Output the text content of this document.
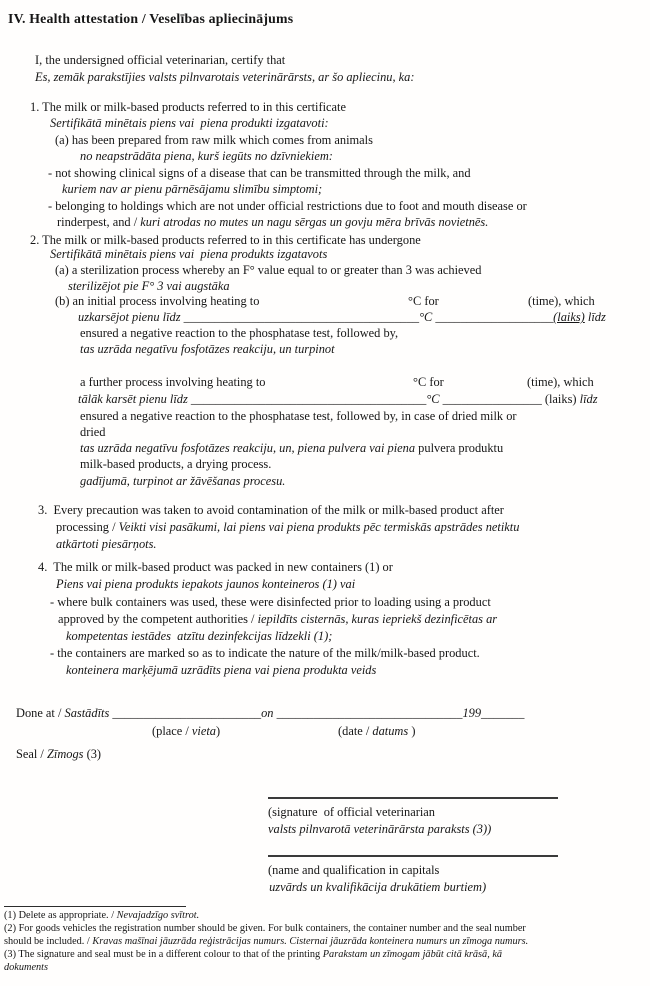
IV. Health attestation / Veselības apliecinājums
I, the undersigned official veterinarian, certify that
Es, zemāk parakstījies valsts pilnvarotais veterinārārsts, ar šo apliecinu, ka:
1. The milk or milk-based products referred to in this certificate
Sertifikātā minētais piens vai  piena produkti izgatavoti:
(a) has been prepared from raw milk which comes from animals
no neapstrādāta piena, kurš iegūts no dzīvniekiem:
- not showing clinical signs of a disease that can be transmitted through the milk, and
kuriem nav ar pienu pārnēsājamu slimību simptomi;
- belonging to holdings which are not under official restrictions due to foot and mouth disease or
rinderpest, and / kuri atrodas no mutes un nagu sērgas un govju mēra brīvās novietnēs.
2. The milk or milk-based products referred to in this certificate has undergone
Sertifikātā minētais piens vai  piena produkts izgatavots
(a) a sterilization process whereby an F° value equal to or greater than 3 was achieved
sterilizējot pie F° 3 vai augstāka
(b) an initial process involving heating to	°C for	(time), which
uzkarsējot pienu līdz ______________________________________°C ___________________(laiks) līdz
ensured a negative reaction to the phosphatase test, followed by,
tas uzrāda negatīvu fosfotāzes reakciju, un turpinot
a further process involving heating to	°C for	(time), which
tālāk karsēt pienu līdz ______________________________________°C ________________ (laiks) līdz
ensured a negative reaction to the phosphatase test, followed by, in case of dried milk or
dried
tas uzrāda negatīvu fosfotāzes reakciju, un, piena pulvera vai piena pulvera produktu
milk-based products, a drying process.
gadījumā, turpinot ar žāvēšanas procesu.
3.  Every precaution was taken to avoid contamination of the milk or milk-based product after
processing / Veikti visi pasākumi, lai piens vai piena produkts pēc termiskās apstrādes netiktu
atkārtoti piesārņots.
4.  The milk or milk-based product was packed in new containers (1) or
Piens vai piena produkts iepakots jaunos konteineros (1) vai
- where bulk containers was used, these were disinfected prior to loading using a product
approved by the competent authorities / iepildīts cisternās, kuras iepriekš dezinficētas ar
kompetentas iestādes  atzītu dezinfekcijas līdzekli (1);
- the containers are marked so as to indicate the nature of the milk/milk-based product.
konteinera marķējumā uzrādīts piena vai piena produkta veids
Done at / Sastādīts ________________________on ______________________________199_______
(place / vieta)	(date / datums )
Seal / Zīmogs (3)
(signature  of official veterinarian
valsts pilnvarotā veterinārārsta paraksts (3))
(name and qualification in capitals
uzvārds un kvalifikācija drukātiem burtiem)
(1) Delete as appropriate. / Nevajadzīgo svītrot.
(2) For goods vehicles the registration number should be given. For bulk containers, the container number and the seal number
should be included. / Kravas mašīnai jāuzrāda reģistrācijas numurs. Cisternai jāuzrāda konteinera numurs un zīmoga numurs.
(3) The signature and seal must be in a different colour to that of the printing Parakstam un zīmogam jābūt citā krāsā, kā
dokuments
